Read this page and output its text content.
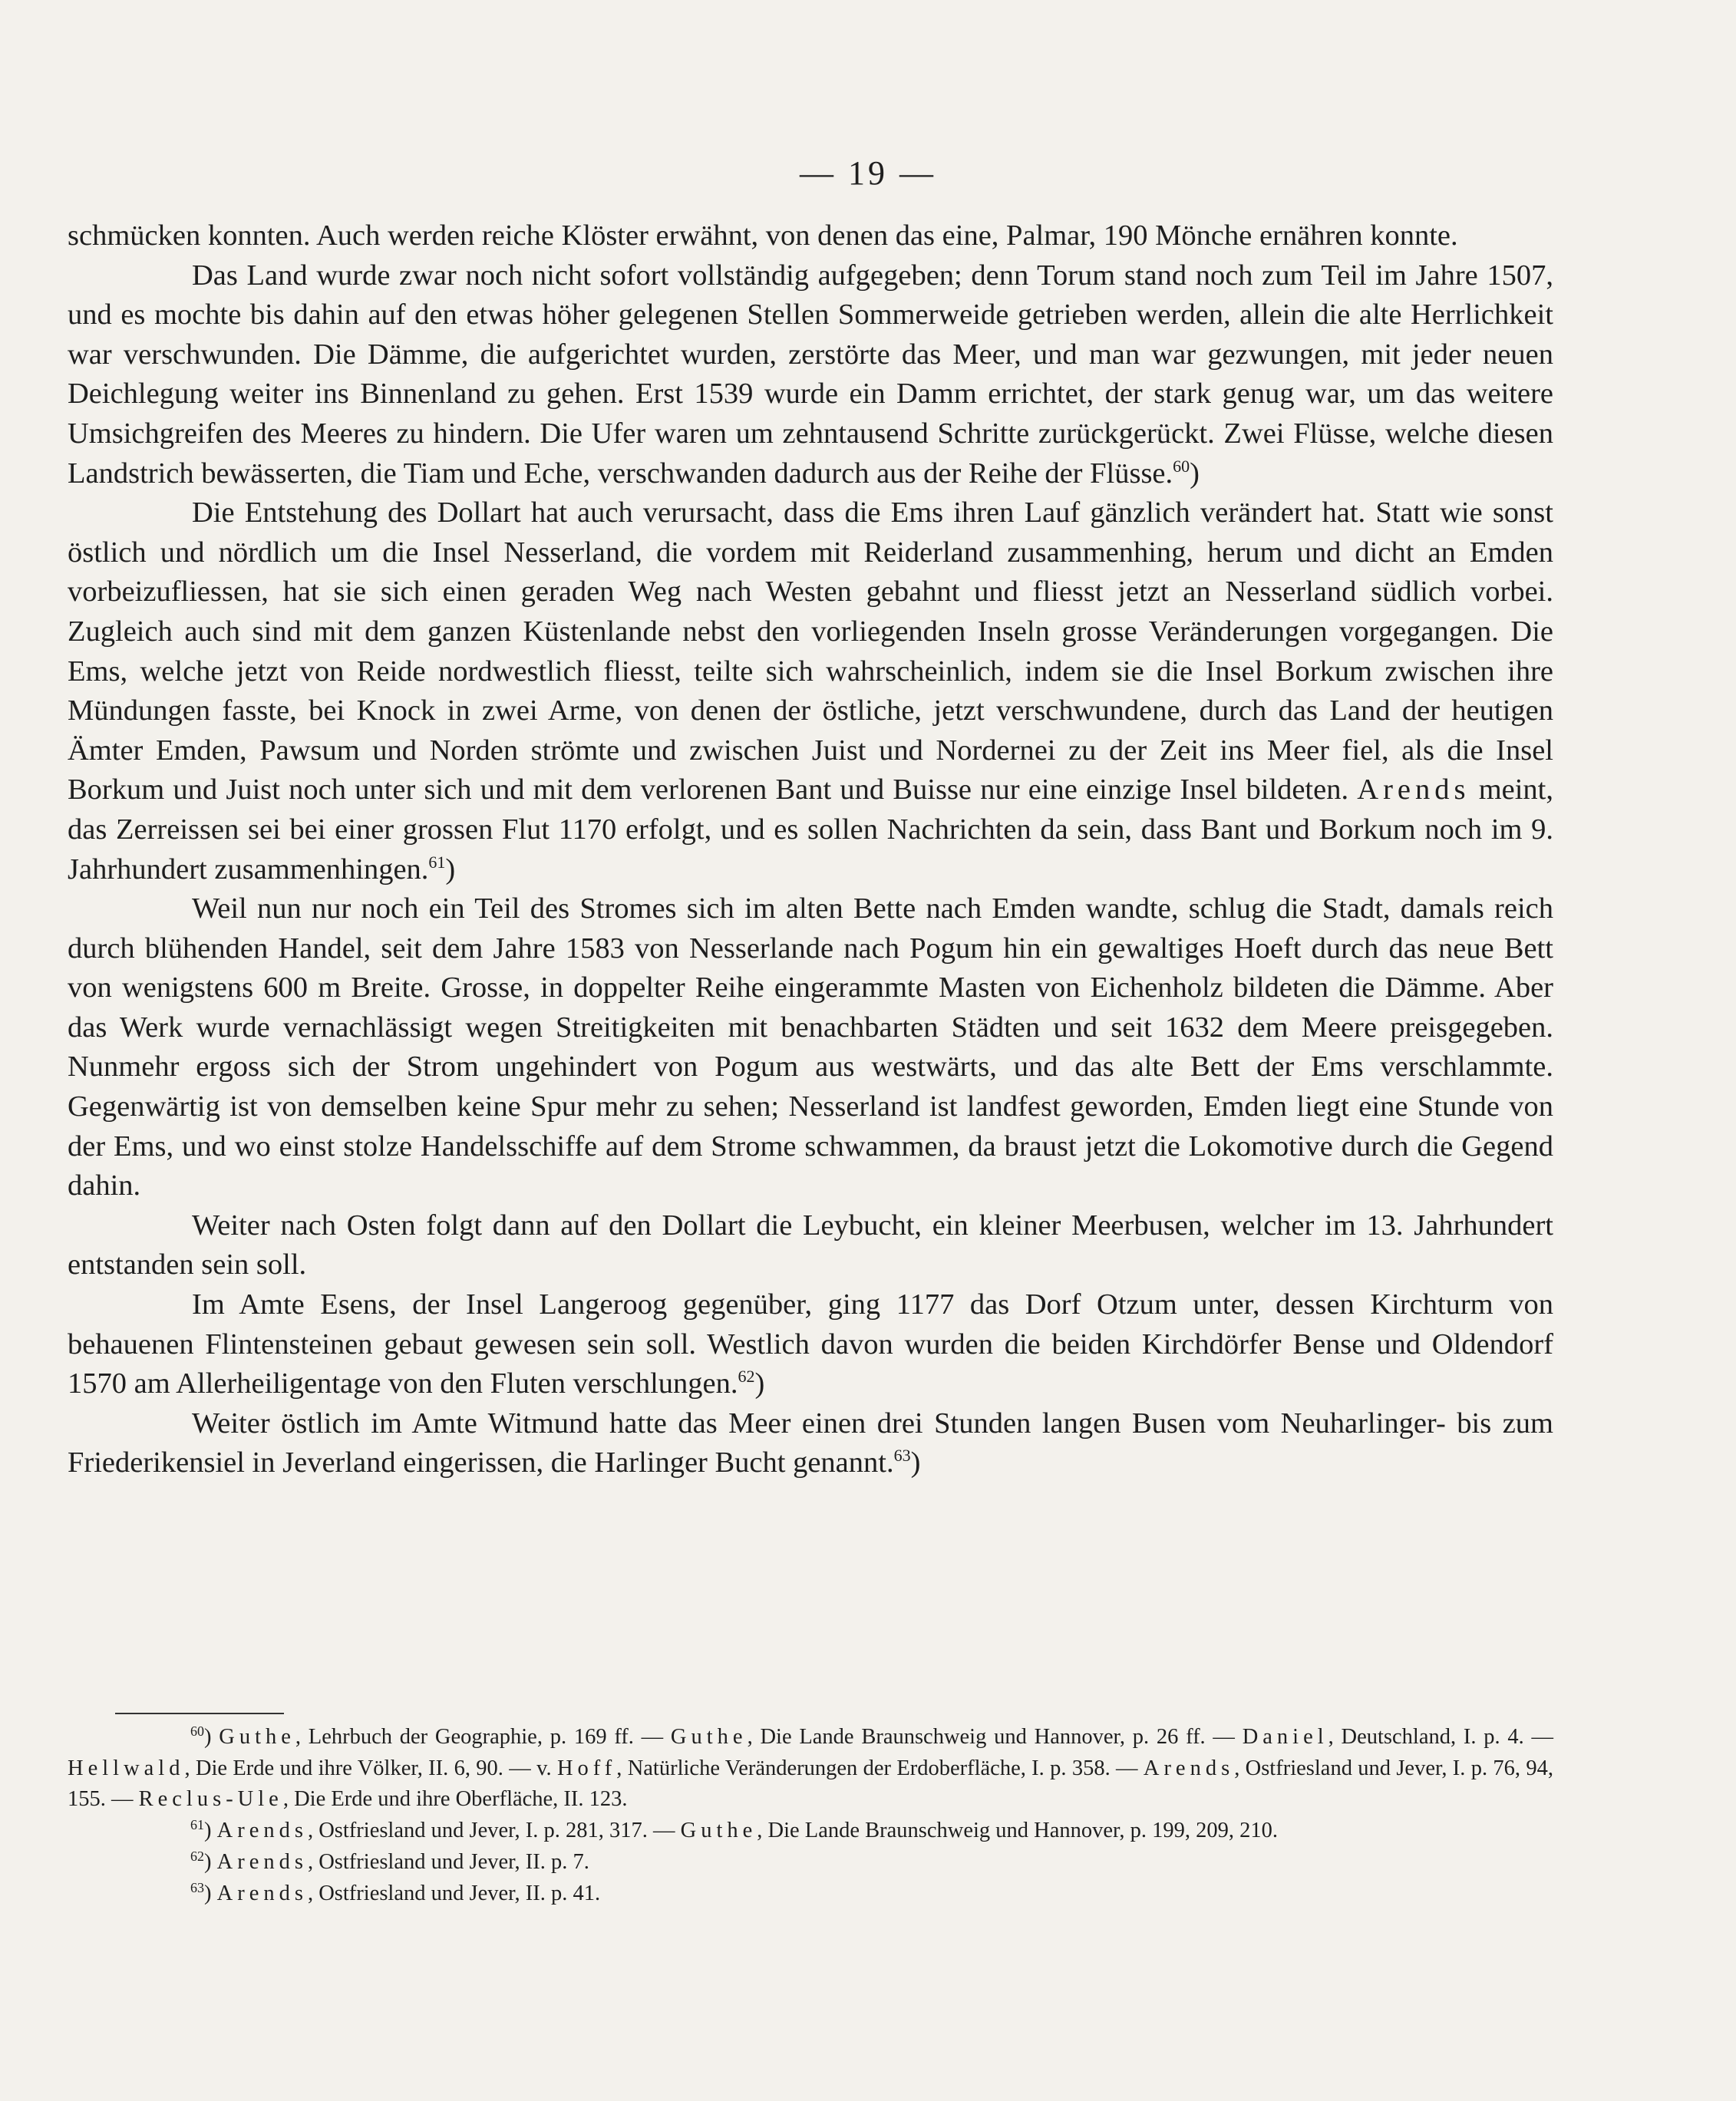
— 19 —

schmücken konnten. Auch werden reiche Klöster erwähnt, von denen das eine, Palmar, 190 Mönche ernähren konnte.

Das Land wurde zwar noch nicht sofort vollständig aufgegeben; denn Torum stand noch zum Teil im Jahre 1507, und es mochte bis dahin auf den etwas höher gelegenen Stellen Sommerweide getrieben werden, allein die alte Herrlichkeit war verschwunden. Die Dämme, die aufgerichtet wurden, zerstörte das Meer, und man war gezwungen, mit jeder neuen Deichlegung weiter ins Binnenland zu gehen. Erst 1539 wurde ein Damm errichtet, der stark genug war, um das weitere Umsichgreifen des Meeres zu hindern. Die Ufer waren um zehntausend Schritte zurückgerückt. Zwei Flüsse, welche diesen Landstrich bewässerten, die Tiam und Eche, verschwanden dadurch aus der Reihe der Flüsse.$^{60}$)

Die Entstehung des Dollart hat auch verursacht, dass die Ems ihren Lauf gänzlich verändert hat. Statt wie sonst östlich und nördlich um die Insel Nesserland, die vordem mit Reiderland zusammenhing, herum und dicht an Emden vorbeizufliessen, hat sie sich einen geraden Weg nach Westen gebahnt und fliesst jetzt an Nesserland südlich vorbei. Zugleich auch sind mit dem ganzen Küstenlande nebst den vorliegenden Inseln grosse Veränderungen vorgegangen. Die Ems, welche jetzt von Reide nordwestlich fliesst, teilte sich wahrscheinlich, indem sie die Insel Borkum zwischen ihre Mündungen fasste, bei Knock in zwei Arme, von denen der östliche, jetzt verschwundene, durch das Land der heutigen Ämter Emden, Pawsum und Norden strömte und zwischen Juist und Nordernei zu der Zeit ins Meer fiel, als die Insel Borkum und Juist noch unter sich und mit dem verlorenen Bant und Buisse nur eine einzige Insel bildeten. Arends meint, das Zerreissen sei bei einer grossen Flut 1170 erfolgt, und es sollen Nachrichten da sein, dass Bant und Borkum noch im 9. Jahrhundert zusammenhingen.$^{61}$)

Weil nun nur noch ein Teil des Stromes sich im alten Bette nach Emden wandte, schlug die Stadt, damals reich durch blühenden Handel, seit dem Jahre 1583 von Nesserlande nach Pogum hin ein gewaltiges Hoeft durch das neue Bett von wenigstens 600 m Breite. Grosse, in doppelter Reihe eingerammte Masten von Eichenholz bildeten die Dämme. Aber das Werk wurde vernachlässigt wegen Streitigkeiten mit benachbarten Städten und seit 1632 dem Meere preisgegeben. Nunmehr ergoss sich der Strom ungehindert von Pogum aus westwärts, und das alte Bett der Ems verschlammte. Gegenwärtig ist von demselben keine Spur mehr zu sehen; Nesserland ist landfest geworden, Emden liegt eine Stunde von der Ems, und wo einst stolze Handelsschiffe auf dem Strome schwammen, da braust jetzt die Lokomotive durch die Gegend dahin.

Weiter nach Osten folgt dann auf den Dollart die Leybucht, ein kleiner Meerbusen, welcher im 13. Jahrhundert entstanden sein soll.

Im Amte Esens, der Insel Langeroog gegenüber, ging 1177 das Dorf Otzum unter, dessen Kirchturm von behauenen Flintensteinen gebaut gewesen sein soll. Westlich davon wurden die beiden Kirchdörfer Bense und Oldendorf 1570 am Allerheiligentage von den Fluten verschlungen.$^{62}$)

Weiter östlich im Amte Witmund hatte das Meer einen drei Stunden langen Busen vom Neuharlinger- bis zum Friederikensiel in Jeverland eingerissen, die Harlinger Bucht genannt.$^{63}$)

$^{60}$) Guthe, Lehrbuch der Geographie, p. 169 ff. — Guthe, Die Lande Braunschweig und Hannover, p. 26 ff. — Daniel, Deutschland, I. p. 4. — Hellwald, Die Erde und ihre Völker, II. 6, 90. — v. Hoff, Natürliche Veränderungen der Erdoberfläche, I. p. 358. — Arends, Ostfriesland und Jever, I. p. 76, 94, 155. — Reclus-Ule, Die Erde und ihre Oberfläche, II. 123.

$^{61}$) Arends, Ostfriesland und Jever, I. p. 281, 317. — Guthe, Die Lande Braunschweig und Hannover, p. 199, 209, 210.

$^{62}$) Arends, Ostfriesland und Jever, II. p. 7.

$^{63}$) Arends, Ostfriesland und Jever, II. p. 41.
